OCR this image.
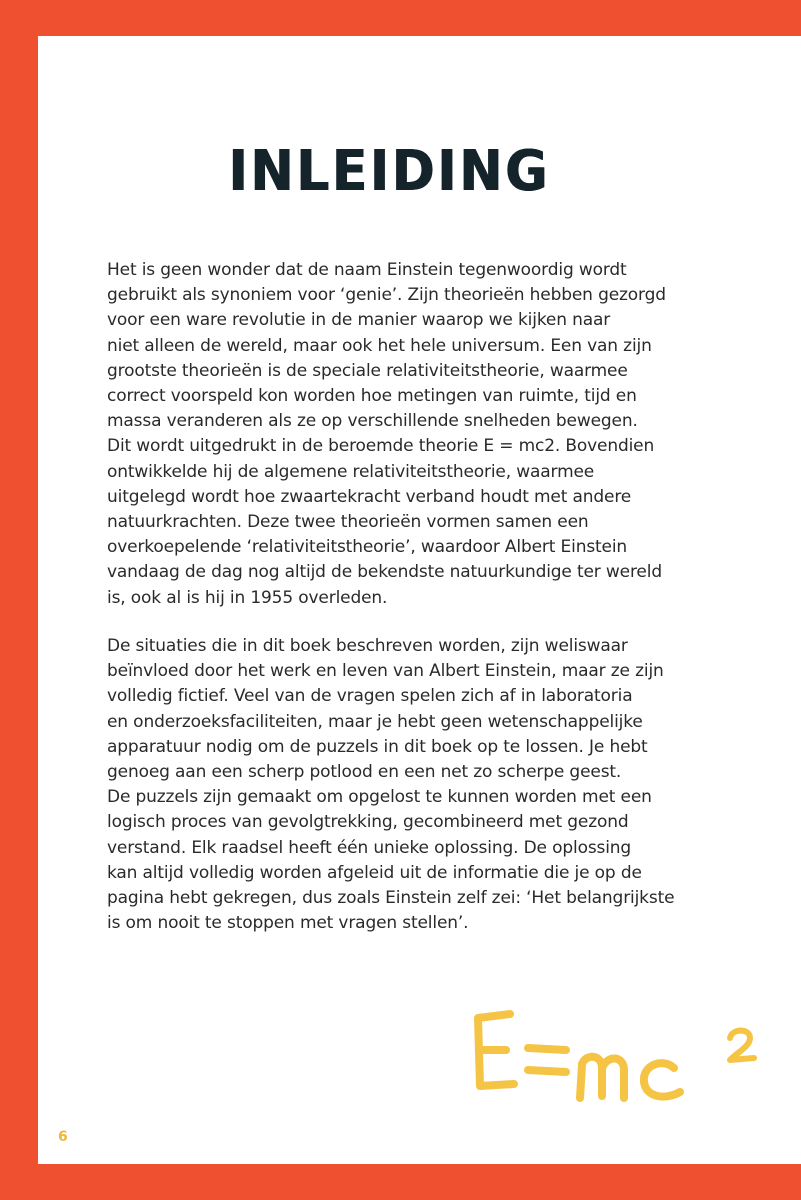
INLEIDING

Het is geen wonder dat de naam Einstein tegenwoordig wordt
gebruikt als synoniem voor ‘genie’. Zijn theorieën hebben gezorgd
voor een ware revolutie in de manier waarop we kijken naar
niet alleen de wereld, maar ook het hele universum. Een van zijn
grootste theorieën is de speciale relativiteitstheorie, waarmee
correct voorspeld kon worden hoe metingen van ruimte, tijd en
massa veranderen als ze op verschillende snelheden bewegen.
Dit wordt uitgedrukt in de beroemde theorie E = mc2. Bovendien
ontwikkelde hij de algemene relativiteitstheorie, waarmee
uitgelegd wordt hoe zwaartekracht verband houdt met andere
natuurkrachten. Deze twee theorieën vormen samen een
overkoepelende ‘relativiteitstheorie’, waardoor Albert Einstein
vandaag de dag nog altijd de bekendste natuurkundige ter wereld
is, ook al is hij in 1955 overleden.

De situaties die in dit boek beschreven worden, zijn weliswaar
beïnvloed door het werk en leven van Albert Einstein, maar ze zijn
volledig fictief. Veel van de vragen spelen zich af in laboratoria
en onderzoeksfaciliteiten, maar je hebt geen wetenschappelijke
apparatuur nodig om de puzzels in dit boek op te lossen. Je hebt
genoeg aan een scherp potlood en een net zo scherpe geest.
De puzzels zijn gemaakt om opgelost te kunnen worden met een
logisch proces van gevolgtrekking, gecombineerd met gezond
verstand. Elk raadsel heeft één unieke oplossing. De oplossing
kan altijd volledig worden afgeleid uit de informatie die je op de
pagina hebt gekregen, dus zoals Einstein zelf zei: ‘Het belangrijkste
is om nooit te stoppen met vragen stellen’.

6
